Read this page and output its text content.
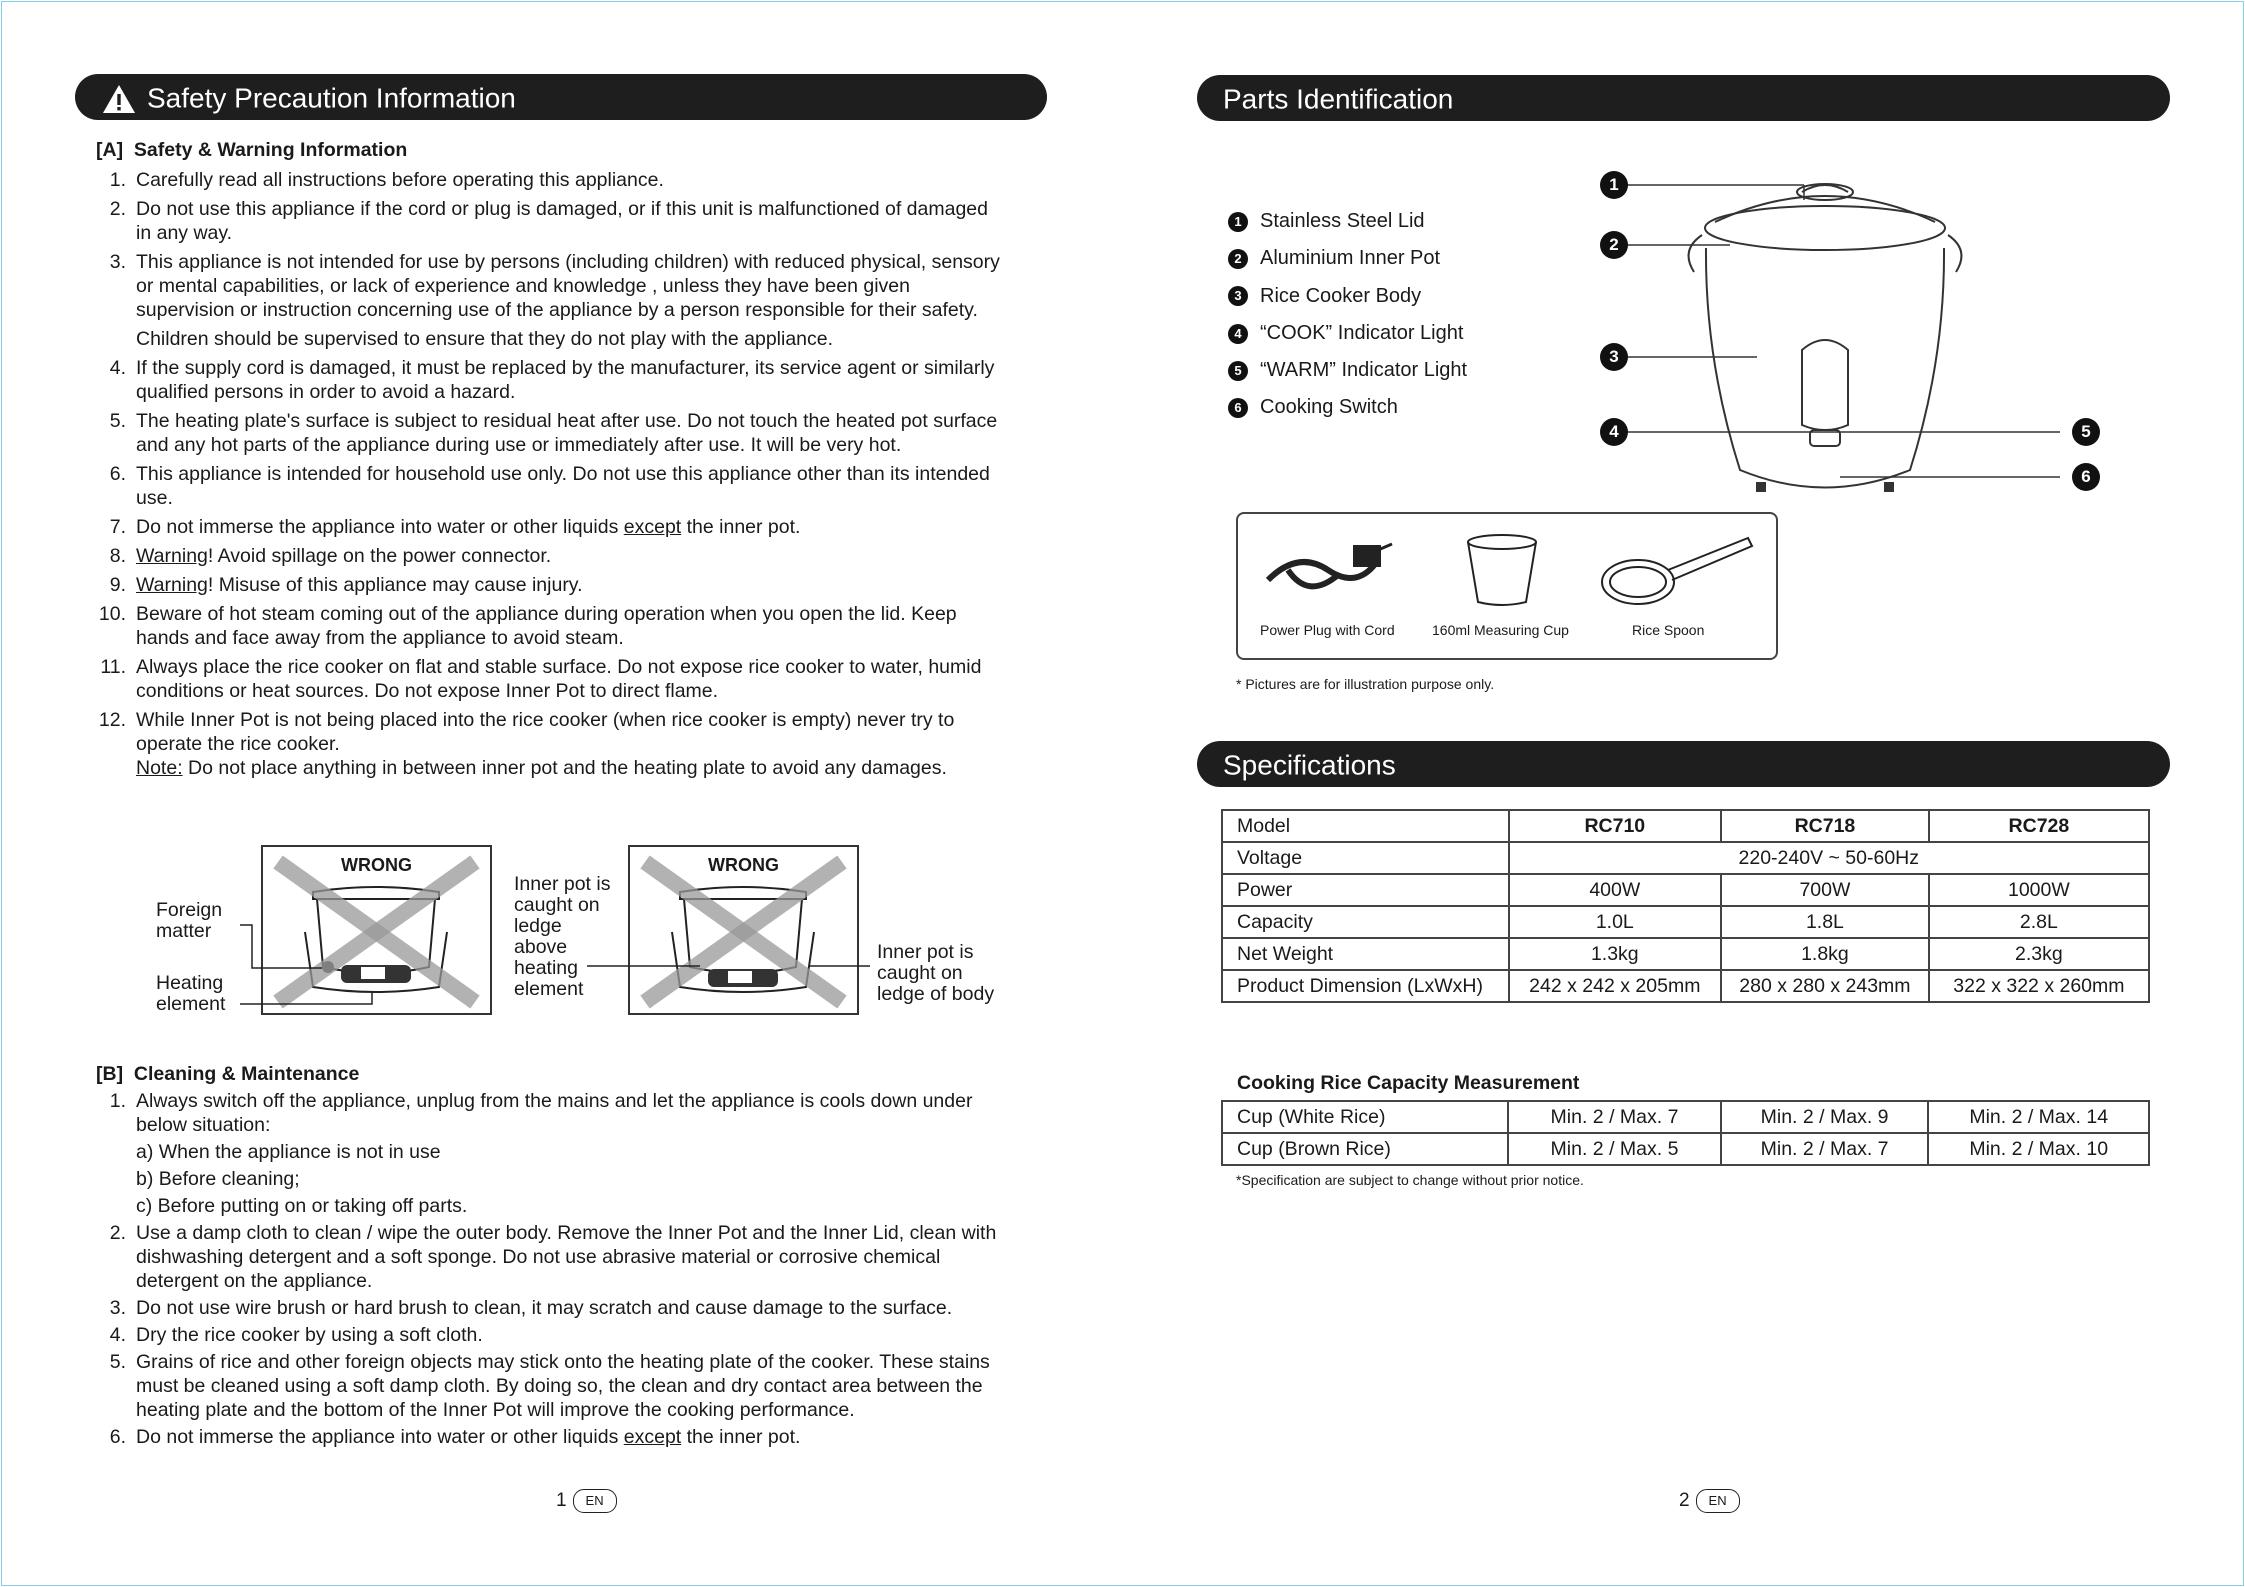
Safety Precaution Information
[A] Safety & Warning Information
1. Carefully read all instructions before operating this appliance.
2. Do not use this appliance if the cord or plug is damaged, or if this unit is malfunctioned of damaged
in any way.
3. This appliance is not intended for use by persons (including children) with reduced physical, sensory
or mental capabilities, or lack of experience and knowledge , unless they have been given
supervision or instruction concerning use of the appliance by a person responsible for their safety.
Children should be supervised to ensure that they do not play with the appliance.
4. If the supply cord is damaged, it must be replaced by the manufacturer, its service agent or similarly
qualified persons in order to avoid a hazard.
5. The heating plate's surface is subject to residual heat after use. Do not touch the heated pot surface
and any hot parts of the appliance during use or immediately after use. It will be very hot.
6. This appliance is intended for household use only. Do not use this appliance other than its intended
use.
7. Do not immerse the appliance into water or other liquids except the inner pot.
8. Warning! Avoid spillage on the power connector.
9. Warning! Misuse of this appliance may cause injury.
10. Beware of hot steam coming out of the appliance during operation when you open the lid. Keep
hands and face away from the appliance to avoid steam.
11. Always place the rice cooker on flat and stable surface. Do not expose rice cooker to water, humid
conditions or heat sources. Do not expose Inner Pot to direct flame.
12. While Inner Pot is not being placed into the rice cooker (when rice cooker is empty) never try to
operate the rice cooker.
Note: Do not place anything in between inner pot and the heating plate to avoid any damages.
WRONG	WRONG
Foreign
matter
Heating
element
Inner pot is
caught on
ledge
above
heating
element
Inner pot is
caught on
ledge of body
[B] Cleaning & Maintenance
1. Always switch off the appliance, unplug from the mains and let the appliance is cools down under
below situation:
a) When the appliance is not in use
b) Before cleaning;
c) Before putting on or taking off parts.
2. Use a damp cloth to clean / wipe the outer body. Remove the Inner Pot and the Inner Lid, clean with
dishwashing detergent and a soft sponge. Do not use abrasive material or corrosive chemical
detergent on the appliance.
3. Do not use wire brush or hard brush to clean, it may scratch and cause damage to the surface.
4. Dry the rice cooker by using a soft cloth.
5. Grains of rice and other foreign objects may stick onto the heating plate of the cooker. These stains
must be cleaned using a soft damp cloth. By doing so, the clean and dry contact area between the
heating plate and the bottom of the Inner Pot will improve the cooking performance.
6. Do not immerse the appliance into water or other liquids except the inner pot.
1	EN
Parts Identification
1 Stainless Steel Lid
2 Aluminium Inner Pot
3 Rice Cooker Body
4 “COOK” Indicator Light
5 “WARM” Indicator Light
6 Cooking Switch
1
2
3
4	5
6
Power Plug with Cord	160ml Measuring Cup	Rice Spoon
* Pictures are for illustration purpose only.
Specifications
Model	RC710	RC718	RC728
Voltage	220-240V ~ 50-60Hz		
Power	400W	700W	1000W
Capacity	1.0L	1.8L	2.8L
Net Weight	1.3kg	1.8kg	2.3kg
Product Dimension (LxWxH)	242 x 242 x 205mm	280 x 280 x 243mm	322 x 322 x 260mm
Cooking Rice Capacity Measurement
Cup (White Rice)	Min. 2 / Max. 7	Min. 2 / Max. 9	Min. 2 / Max. 14
Cup (Brown Rice)	Min. 2 / Max. 5	Min. 2 / Max. 7	Min. 2 / Max. 10
*Specification are subject to change without prior notice.
2	EN
